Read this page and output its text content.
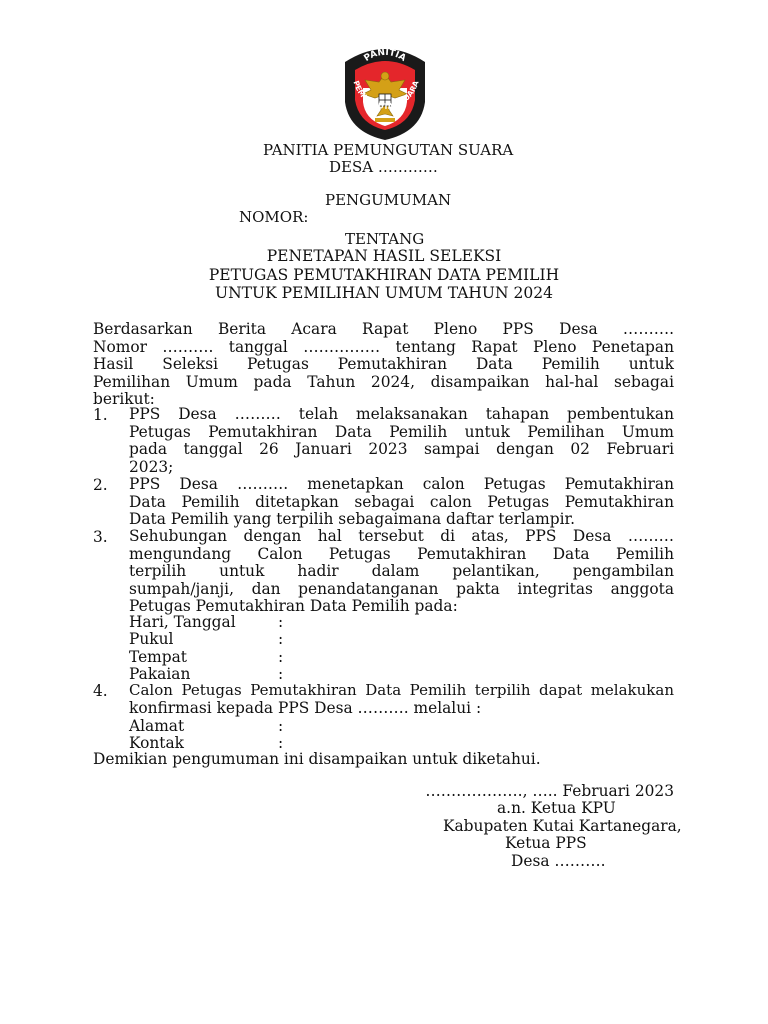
PANITIA
PEMUNGUTAN SUARA
PANITIA PEMUNGUTAN SUARA
DESA …………
PENGUMUMAN
NOMOR:
TENTANG
PENETAPAN HASIL SELEKSI
PETUGAS PEMUTAKHIRAN DATA PEMILIH
UNTUK PEMILIHAN UMUM TAHUN 2024
Berdasarkan Berita Acara Rapat Pleno PPS Desa ……….
Nomor ………. tanggal …………… tentang Rapat Pleno Penetapan
Hasil Seleksi Petugas Pemutakhiran Data Pemilih untuk
Pemilihan Umum pada Tahun 2024, disampaikan hal-hal sebagai
berikut:
1. PPS Desa ……… telah melaksanakan tahapan pembentukan
Petugas Pemutakhiran Data Pemilih untuk Pemilihan Umum
pada tanggal 26 Januari 2023 sampai dengan 02 Februari
2023;
2. PPS Desa ………. menetapkan calon Petugas Pemutakhiran
Data Pemilih ditetapkan sebagai calon Petugas Pemutakhiran
Data Pemilih yang terpilih sebagaimana daftar terlampir.
3. Sehubungan dengan hal tersebut di atas, PPS Desa ………
mengundang Calon Petugas Pemutakhiran Data Pemilih
terpilih untuk hadir dalam pelantikan, pengambilan
sumpah/janji, dan penandatanganan pakta integritas anggota
Petugas Pemutakhiran Data Pemilih pada:
Hari, Tanggal	:
Pukul	:
Tempat	:
Pakaian	:
4. Calon Petugas Pemutakhiran Data Pemilih terpilih dapat melakukan
konfirmasi kepada PPS Desa ………. melalui :
Alamat	:
Kontak	:
Demikian pengumuman ini disampaikan untuk diketahui.
………………., ….. Februari 2023
a.n. Ketua KPU
Kabupaten Kutai Kartanegara,
Ketua PPS
Desa ……….
